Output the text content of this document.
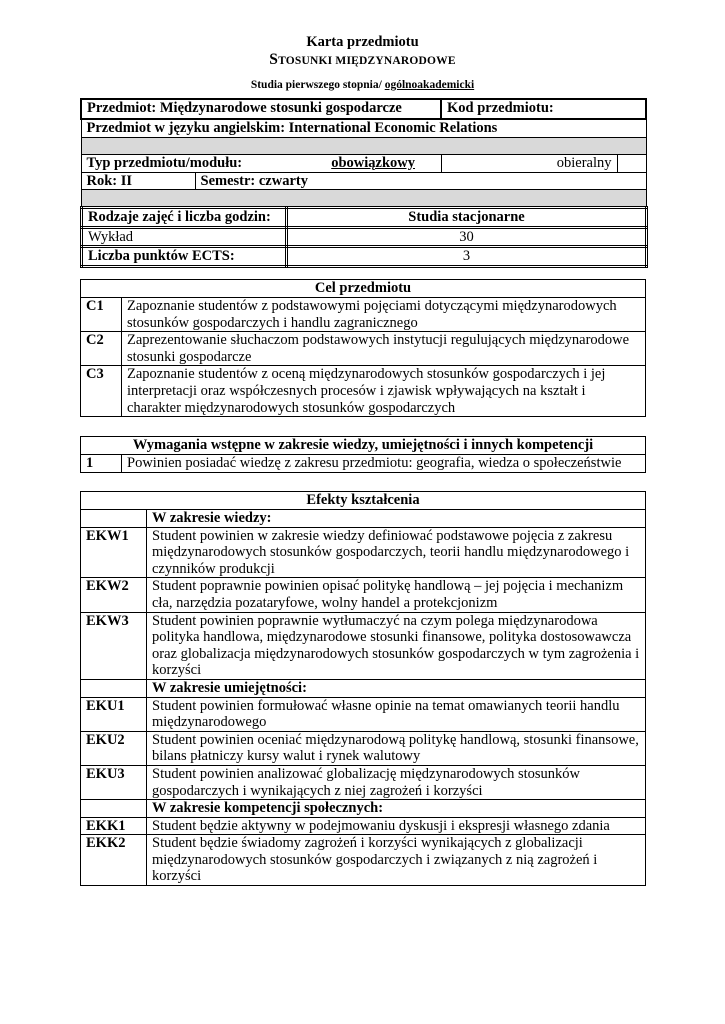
Karta przedmiotu
STOSUNKI MIĘDZYNARODOWE
Studia pierwszego stopnia/ ogólnoakademicki
Przedmiot: Międzynarodowe stosunki gospodarcze			Kod przedmiotu:	
Przedmiot w języku angielskim: International Economic Relations				

Typ przedmiotu/modułu: obowiązkowy			obieralny	
Rok: II	Semestr: czwarty			

Rodzaje zajęć i liczba godzin:	Studia stacjonarne
Wykład	30
Liczba punktów ECTS:	3
Cel przedmiotu	
C1	Zapoznanie studentów z podstawowymi pojęciami dotyczącymi międzynarodowych stosunków gospodarczych i handlu zagranicznego
C2	Zaprezentowanie słuchaczom podstawowych instytucji regulujących międzynarodowe stosunki gospodarcze
C3	Zapoznanie studentów z oceną międzynarodowych stosunków gospodarczych i jej interpretacji oraz współczesnych procesów i zjawisk wpływających na kształt i charakter międzynarodowych stosunków gospodarczych
Wymagania wstępne w zakresie wiedzy, umiejętności i innych kompetencji
1	Powinien posiadać wiedzę z zakresu przedmiotu: geografia, wiedza o społeczeństwie
Efekty kształcenia	
	W zakresie wiedzy:
EKW1	Student powinien w zakresie wiedzy definiować podstawowe pojęcia z zakresu międzynarodowych stosunków gospodarczych, teorii handlu międzynarodowego i czynników produkcji
EKW2	Student poprawnie powinien opisać politykę handlową – jej pojęcia i mechanizm cła, narzędzia pozataryfowe, wolny handel a protekcjonizm
EKW3	Student powinien poprawnie wytłumaczyć na czym polega międzynarodowa polityka handlowa, międzynarodowe stosunki finansowe, polityka dostosowawcza oraz globalizacja międzynarodowych stosunków gospodarczych w tym zagrożenia i korzyści
	W zakresie umiejętności:
EKU1	Student powinien formułować własne opinie na temat omawianych teorii handlu międzynarodowego
EKU2	Student powinien oceniać międzynarodową politykę handlową, stosunki finansowe, bilans płatniczy kursy walut i rynek walutowy
EKU3	Student powinien analizować globalizację międzynarodowych stosunków gospodarczych i wynikających z niej zagrożeń i korzyści
	W zakresie kompetencji społecznych:
EKK1	Student będzie aktywny w podejmowaniu dyskusji i ekspresji własnego zdania
EKK2	Student będzie świadomy zagrożeń i korzyści wynikających z globalizacji międzynarodowych stosunków gospodarczych i związanych z nią zagrożeń i korzyści
